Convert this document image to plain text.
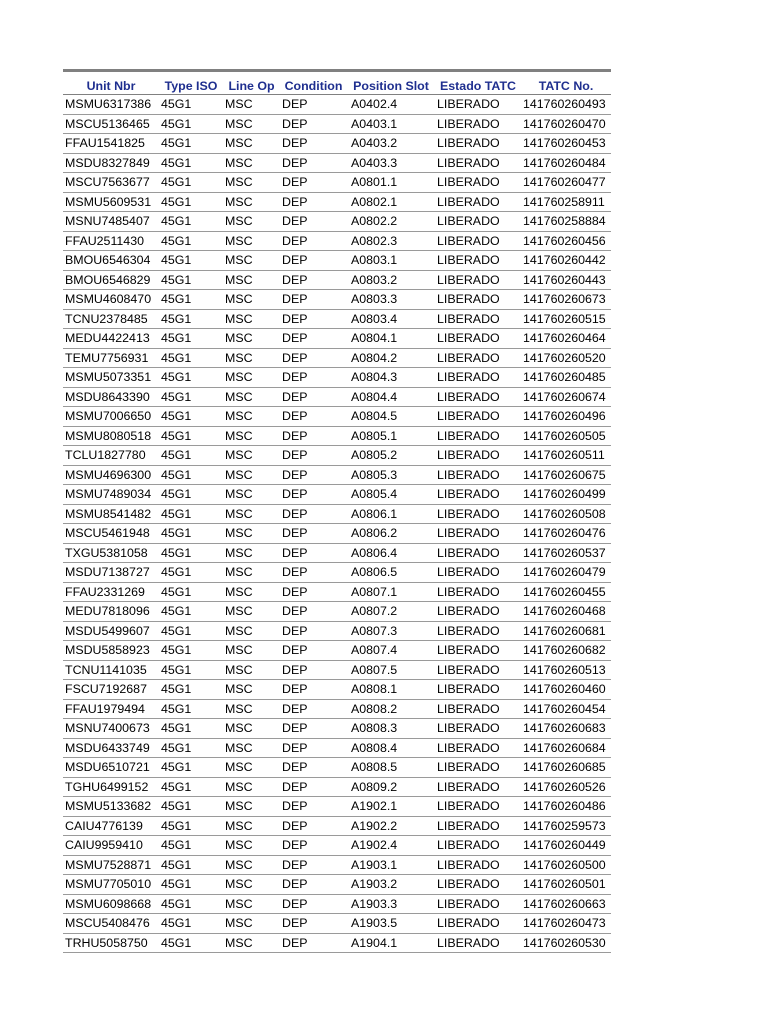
Unit Nbr	Type ISO	Line Op	Condition	Position Slot	Estado TATC	TATC No.
MSMU6317386	45G1	MSC	DEP	A0402.4	LIBERADO	141760260493
MSCU5136465	45G1	MSC	DEP	A0403.1	LIBERADO	141760260470
FFAU1541825	45G1	MSC	DEP	A0403.2	LIBERADO	141760260453
MSDU8327849	45G1	MSC	DEP	A0403.3	LIBERADO	141760260484
MSCU7563677	45G1	MSC	DEP	A0801.1	LIBERADO	141760260477
MSMU5609531	45G1	MSC	DEP	A0802.1	LIBERADO	141760258911
MSNU7485407	45G1	MSC	DEP	A0802.2	LIBERADO	141760258884
FFAU2511430	45G1	MSC	DEP	A0802.3	LIBERADO	141760260456
BMOU6546304	45G1	MSC	DEP	A0803.1	LIBERADO	141760260442
BMOU6546829	45G1	MSC	DEP	A0803.2	LIBERADO	141760260443
MSMU4608470	45G1	MSC	DEP	A0803.3	LIBERADO	141760260673
TCNU2378485	45G1	MSC	DEP	A0803.4	LIBERADO	141760260515
MEDU4422413	45G1	MSC	DEP	A0804.1	LIBERADO	141760260464
TEMU7756931	45G1	MSC	DEP	A0804.2	LIBERADO	141760260520
MSMU5073351	45G1	MSC	DEP	A0804.3	LIBERADO	141760260485
MSDU8643390	45G1	MSC	DEP	A0804.4	LIBERADO	141760260674
MSMU7006650	45G1	MSC	DEP	A0804.5	LIBERADO	141760260496
MSMU8080518	45G1	MSC	DEP	A0805.1	LIBERADO	141760260505
TCLU1827780	45G1	MSC	DEP	A0805.2	LIBERADO	141760260511
MSMU4696300	45G1	MSC	DEP	A0805.3	LIBERADO	141760260675
MSMU7489034	45G1	MSC	DEP	A0805.4	LIBERADO	141760260499
MSMU8541482	45G1	MSC	DEP	A0806.1	LIBERADO	141760260508
MSCU5461948	45G1	MSC	DEP	A0806.2	LIBERADO	141760260476
TXGU5381058	45G1	MSC	DEP	A0806.4	LIBERADO	141760260537
MSDU7138727	45G1	MSC	DEP	A0806.5	LIBERADO	141760260479
FFAU2331269	45G1	MSC	DEP	A0807.1	LIBERADO	141760260455
MEDU7818096	45G1	MSC	DEP	A0807.2	LIBERADO	141760260468
MSDU5499607	45G1	MSC	DEP	A0807.3	LIBERADO	141760260681
MSDU5858923	45G1	MSC	DEP	A0807.4	LIBERADO	141760260682
TCNU1141035	45G1	MSC	DEP	A0807.5	LIBERADO	141760260513
FSCU7192687	45G1	MSC	DEP	A0808.1	LIBERADO	141760260460
FFAU1979494	45G1	MSC	DEP	A0808.2	LIBERADO	141760260454
MSNU7400673	45G1	MSC	DEP	A0808.3	LIBERADO	141760260683
MSDU6433749	45G1	MSC	DEP	A0808.4	LIBERADO	141760260684
MSDU6510721	45G1	MSC	DEP	A0808.5	LIBERADO	141760260685
TGHU6499152	45G1	MSC	DEP	A0809.2	LIBERADO	141760260526
MSMU5133682	45G1	MSC	DEP	A1902.1	LIBERADO	141760260486
CAIU4776139	45G1	MSC	DEP	A1902.2	LIBERADO	141760259573
CAIU9959410	45G1	MSC	DEP	A1902.4	LIBERADO	141760260449
MSMU7528871	45G1	MSC	DEP	A1903.1	LIBERADO	141760260500
MSMU7705010	45G1	MSC	DEP	A1903.2	LIBERADO	141760260501
MSMU6098668	45G1	MSC	DEP	A1903.3	LIBERADO	141760260663
MSCU5408476	45G1	MSC	DEP	A1903.5	LIBERADO	141760260473
TRHU5058750	45G1	MSC	DEP	A1904.1	LIBERADO	141760260530
